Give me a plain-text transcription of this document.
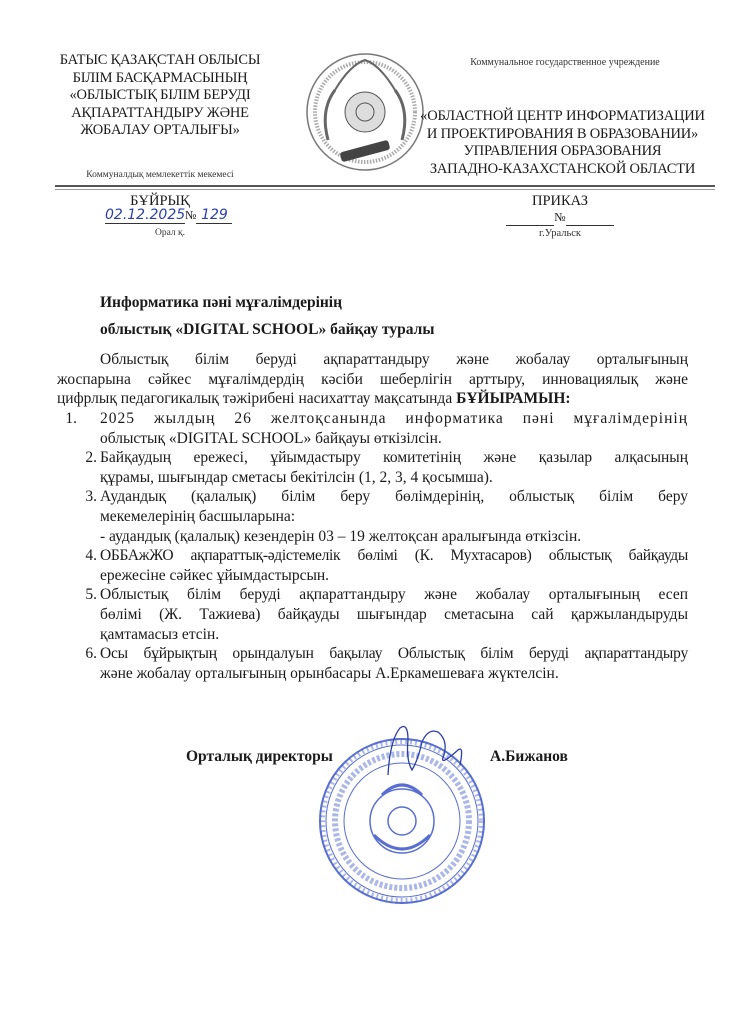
БАТЫС ҚАЗАҚСТАН ОБЛЫСЫ
БІЛІМ БАСҚАРМАСЫНЫҢ
«ОБЛЫСТЫҚ БІЛІМ БЕРУДІ
АҚПАРАТТАНДЫРУ ЖӘНЕ
ЖОБАЛАУ ОРТАЛЫҒЫ»
Коммуналдық мемлекеттік мекемесі
Коммунальное государственное учреждение
«ОБЛАСТНОЙ ЦЕНТР ИНФОРМАТИЗАЦИИ
И ПРОЕКТИРОВАНИЯ В ОБРАЗОВАНИИ»
УПРАВЛЕНИЯ ОБРАЗОВАНИЯ
ЗАПАДНО-КАЗАХСТАНСКОЙ ОБЛАСТИ
БҰЙРЫҚ
02.12.2025№ 129
Орал қ.
ПРИКАЗ
№
г.Уральск
Информатика пәні мұғалімдерінің
облыстық «DIGITAL SCHOOL» байқау туралы
Облыстық білім беруді ақпараттандыру және жобалау орталығының
жоспарына сәйкес мұғалімдердің кәсіби шеберлігін арттыру, инновациялық және
цифрлық педагогикалық тәжірибені насихаттау мақсатында БҰЙЫРАМЫН:
1. 2025 жылдың 26 желтоқсанында информатика пәні мұғалімдерінің
облыстық «DIGITAL SCHOOL» байқауы өткізілсін.
2. Байқаудың ережесі, ұйымдастыру комитетінің және қазылар алқасының
құрамы, шығындар сметасы бекітілсін (1, 2, 3, 4 қосымша).
3. Аудандық (қалалық) білім беру бөлімдерінің, облыстық білім беру
мекемелерінің басшыларына:
- аудандық (қалалық) кезендерін 03 – 19 желтоқсан аралығында өткізсін.
4. ОББАжЖО ақпараттық-әдістемелік бөлімі (К. Мухтасаров) облыстық байқауды
ережесіне сәйкес ұйымдастырсын.
5. Облыстық білім беруді ақпараттандыру және жобалау орталығының есеп
бөлімі (Ж. Тажиева) байқауды шығындар сметасына сай қаржыландыруды
қамтамасыз етсін.
6. Осы бұйрықтың орындалуын бақылау Облыстық білім беруді ақпараттандыру
және жобалау орталығының орынбасары А.Еркамешеваға жүктелсін.
Орталық директоры	А.Бижанов
